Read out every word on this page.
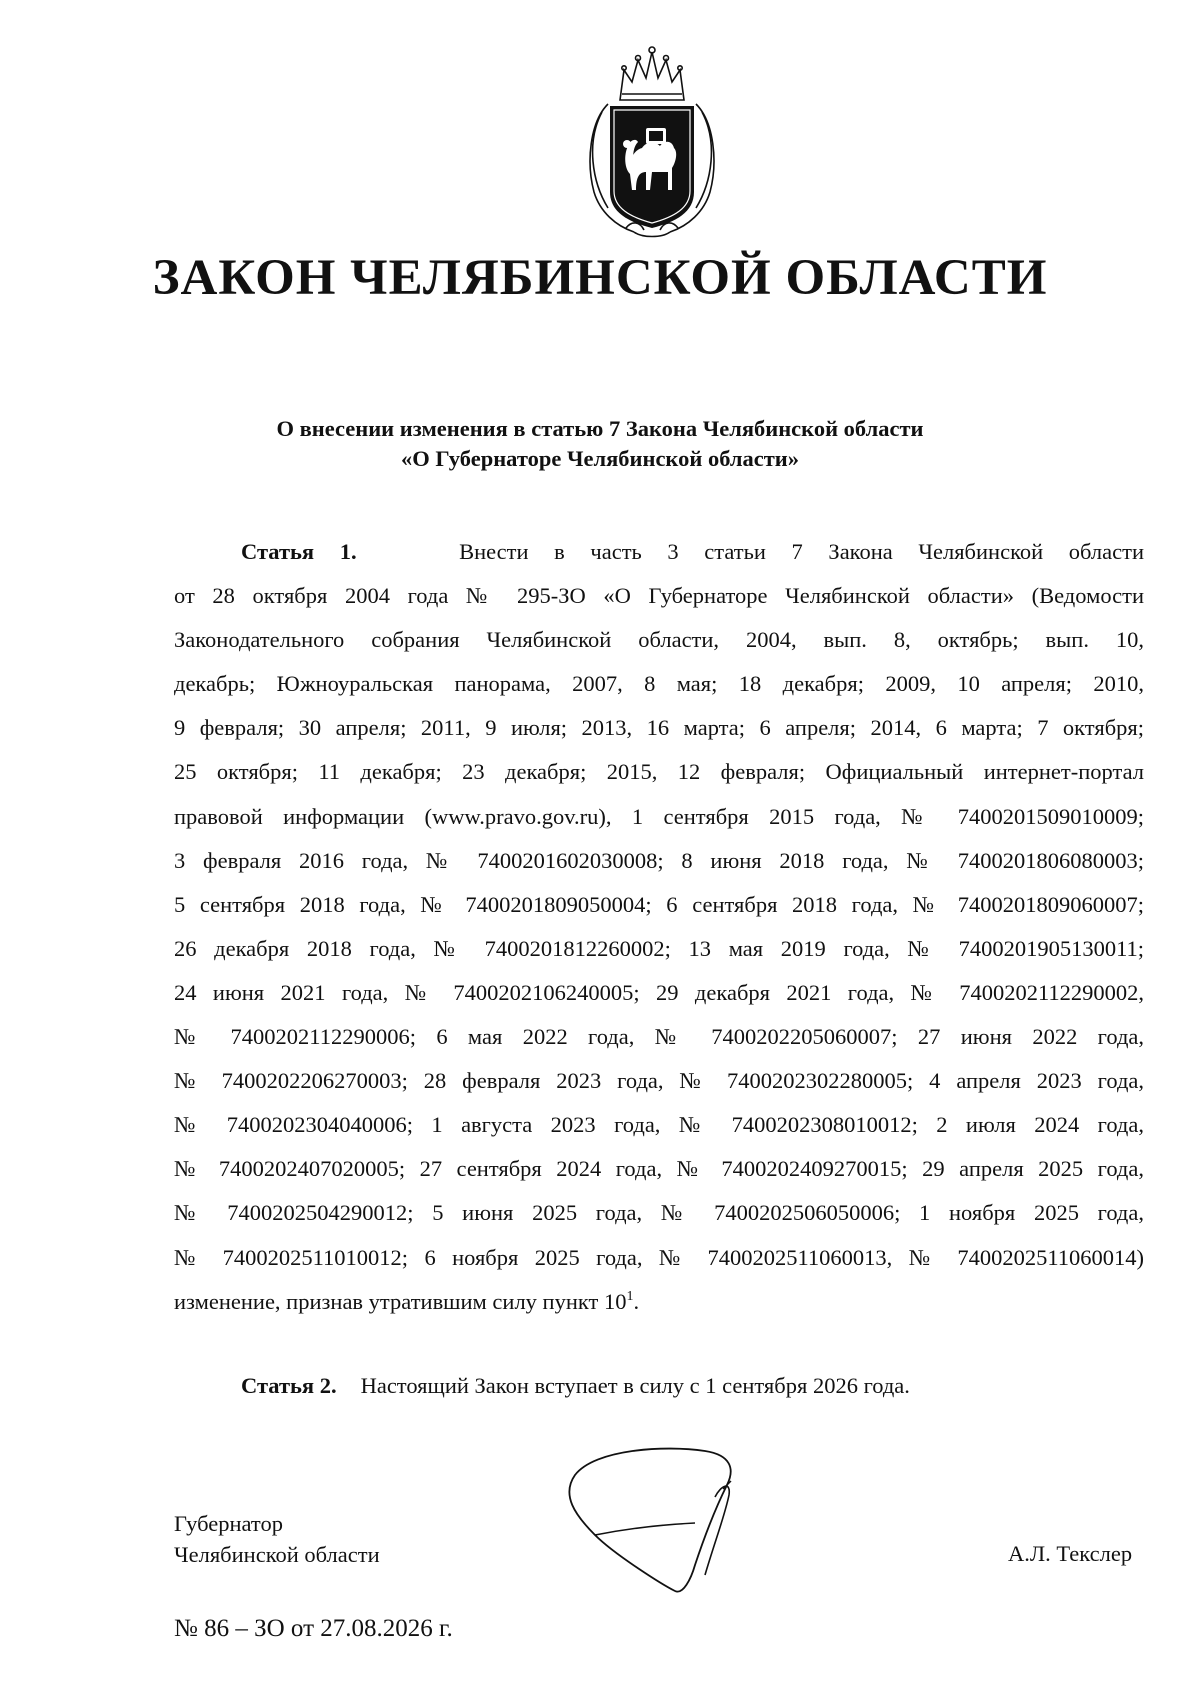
ЗАКОН ЧЕЛЯБИНСКОЙ ОБЛАСТИ
О внесении изменения в статью 7 Закона Челябинской области
«О Губернаторе Челябинской области»
Статья 1.	Внести в часть 3 статьи 7 Закона Челябинской области
от 28 октября 2004 года № 295-ЗО «О Губернаторе Челябинской области» (Ведомости
Законодательного собрания Челябинской области, 2004, вып. 8, октябрь; вып. 10,
декабрь; Южноуральская панорама, 2007, 8 мая; 18 декабря; 2009, 10 апреля; 2010,
9 февраля; 30 апреля; 2011, 9 июля; 2013, 16 марта; 6 апреля; 2014, 6 марта; 7 октября;
25 октября; 11 декабря; 23 декабря; 2015, 12 февраля; Официальный интернет-портал
правовой информации (www.pravo.gov.ru), 1 сентября 2015 года, № 7400201509010009;
3 февраля 2016 года, № 7400201602030008; 8 июня 2018 года, № 7400201806080003;
5 сентября 2018 года, № 7400201809050004; 6 сентября 2018 года, № 7400201809060007;
26 декабря 2018 года, № 7400201812260002; 13 мая 2019 года, № 7400201905130011;
24 июня 2021 года, № 7400202106240005; 29 декабря 2021 года, № 7400202112290002,
№ 7400202112290006; 6 мая 2022 года, № 7400202205060007; 27 июня 2022 года,
№ 7400202206270003; 28 февраля 2023 года, № 7400202302280005; 4 апреля 2023 года,
№ 7400202304040006; 1 августа 2023 года, № 7400202308010012; 2 июля 2024 года,
№ 7400202407020005; 27 сентября 2024 года, № 7400202409270015; 29 апреля 2025 года,
№ 7400202504290012; 5 июня 2025 года, № 7400202506050006; 1 ноября 2025 года,
№ 7400202511010012; 6 ноября 2025 года, № 7400202511060013, № 7400202511060014)
изменение, признав утратившим силу пункт $10^1$.
Статья 2. Настоящий Закон вступает в силу с 1 сентября 2026 года.
Губернатор
Челябинской области	А.Л. Текслер
№ 86 – ЗО от 27.08.2026 г.
